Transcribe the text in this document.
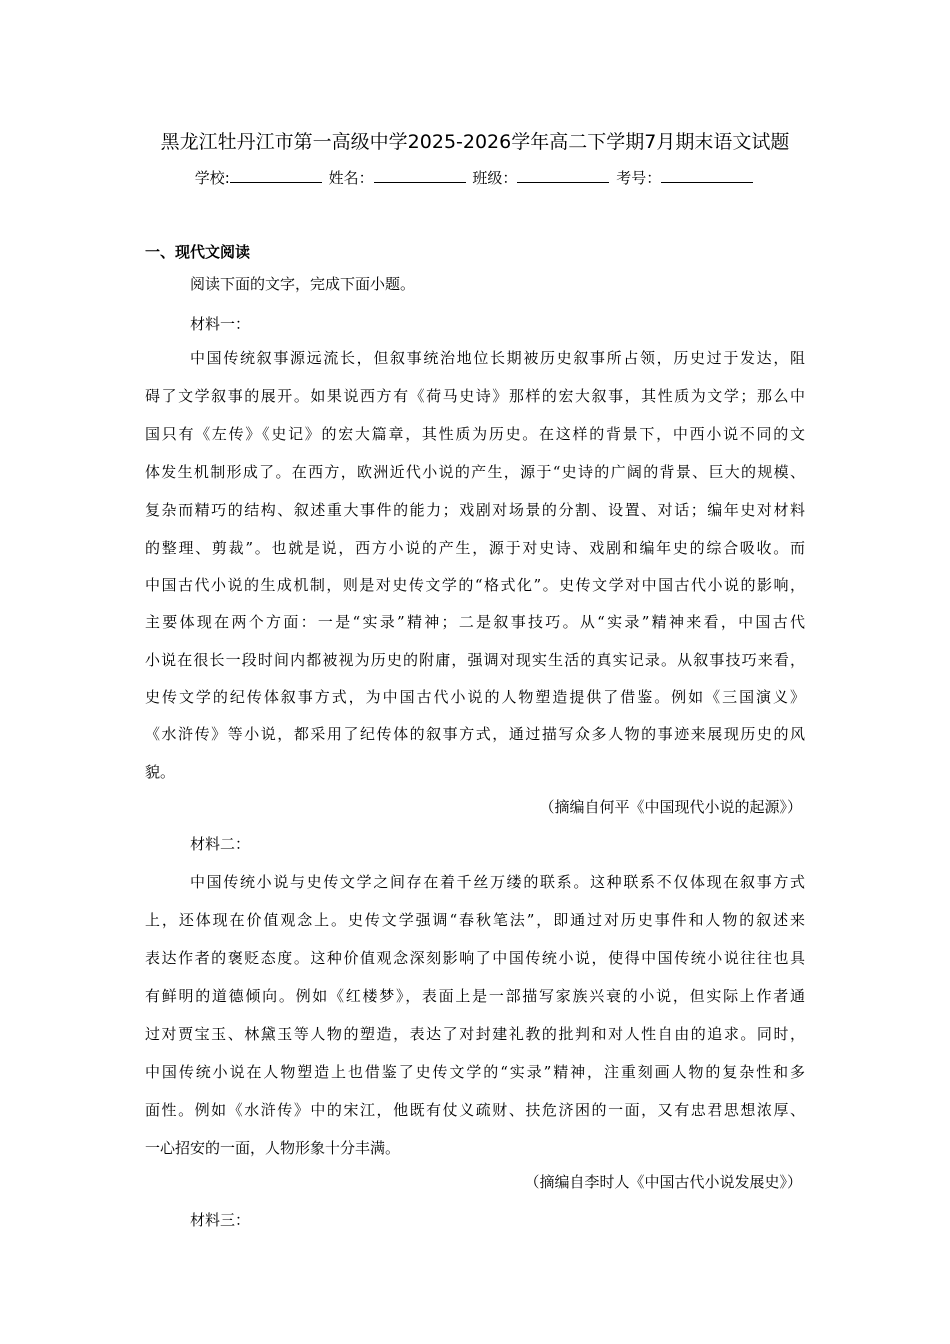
黑龙江牡丹江市第一高级中学2025-2026学年高二下学期7月期末语文试题
学校:	姓名：	班级：	考号：
一、现代文阅读
阅读下面的文字，完成下面小题。
材料一：
中国传统叙事源远流长，但叙事统治地位长期被历史叙事所占领，历史过于发达，阻
碍了文学叙事的展开。如果说西方有《荷马史诗》那样的宏大叙事，其性质为文学；那么中
国只有《左传》《史记》的宏大篇章，其性质为历史。在这样的背景下，中西小说不同的文
体发生机制形成了。在西方，欧洲近代小说的产生，源于“史诗的广阔的背景、巨大的规模、
复杂而精巧的结构、叙述重大事件的能力；戏剧对场景的分割、设置、对话；编年史对材料
的整理、剪裁”。也就是说，西方小说的产生，源于对史诗、戏剧和编年史的综合吸收。而
中国古代小说的生成机制，则是对史传文学的“格式化”。史传文学对中国古代小说的影响，
主要体现在两个方面：一是“实录”精神；二是叙事技巧。从“实录”精神来看，中国古代
小说在很长一段时间内都被视为历史的附庸，强调对现实生活的真实记录。从叙事技巧来看，
史传文学的纪传体叙事方式，为中国古代小说的人物塑造提供了借鉴。例如《三国演义》
《水浒传》等小说，都采用了纪传体的叙事方式，通过描写众多人物的事迹来展现历史的风
貌。
（摘编自何平《中国现代小说的起源》）
材料二：
中国传统小说与史传文学之间存在着千丝万缕的联系。这种联系不仅体现在叙事方式
上，还体现在价值观念上。史传文学强调“春秋笔法”，即通过对历史事件和人物的叙述来
表达作者的褒贬态度。这种价值观念深刻影响了中国传统小说，使得中国传统小说往往也具
有鲜明的道德倾向。例如《红楼梦》，表面上是一部描写家族兴衰的小说，但实际上作者通
过对贾宝玉、林黛玉等人物的塑造，表达了对封建礼教的批判和对人性自由的追求。同时，
中国传统小说在人物塑造上也借鉴了史传文学的“实录”精神，注重刻画人物的复杂性和多
面性。例如《水浒传》中的宋江，他既有仗义疏财、扶危济困的一面，又有忠君思想浓厚、
一心招安的一面，人物形象十分丰满。
（摘编自李时人《中国古代小说发展史》）
材料三：
